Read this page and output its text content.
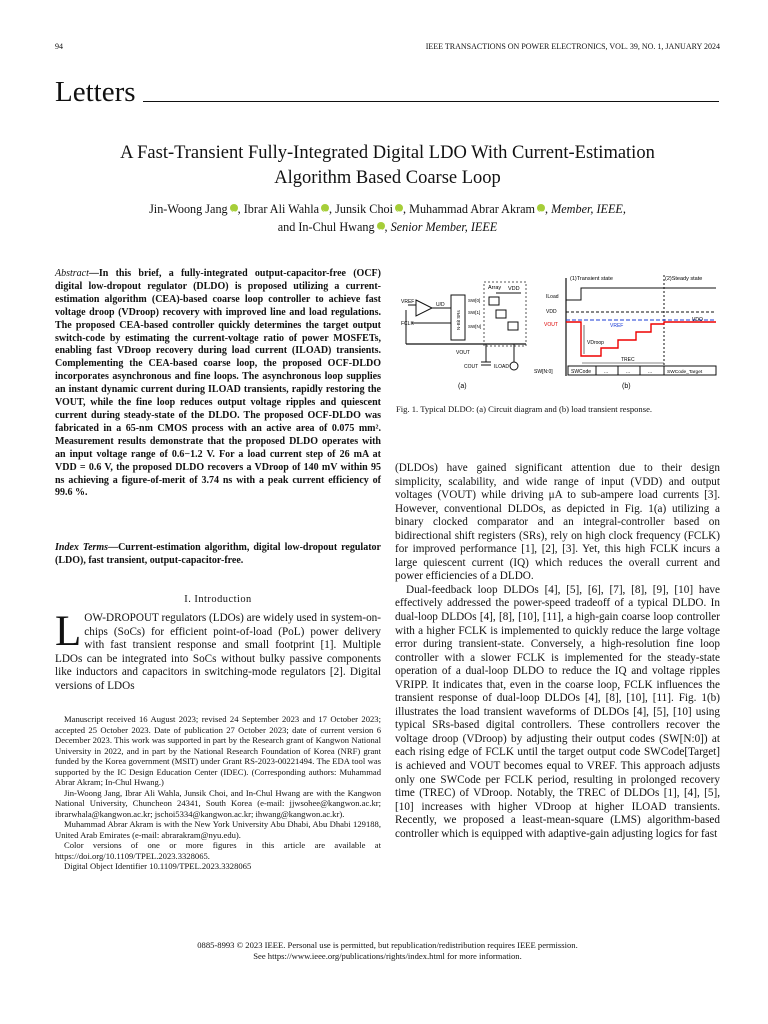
94	IEEE TRANSACTIONS ON POWER ELECTRONICS, VOL. 39, NO. 1, JANUARY 2024
Letters
A Fast-Transient Fully-Integrated Digital LDO With Current-Estimation
Algorithm Based Coarse Loop
Jin-Woong Jang iD , Ibrar Ali Wahla iD , Junsik Choi iD , Muhammad Abrar Akram iD , Member, IEEE,
and In-Chul Hwang iD , Senior Member, IEEE
Abstract—In this brief, a fully-integrated output-capacitor-free (OCF) digital low-dropout regulator (DLDO) is proposed utilizing a current-estimation algorithm (CEA)-based coarse loop controller to achieve fast voltage droop (VDroop) recovery with improved line and load regulations. The proposed CEA-based controller quickly determines the target output switch-code by estimating the current-voltage ratio of power MOSFETs, enabling fast VDroop recovery during load current (ILOAD) transients. Complementing the CEA-based coarse loop, the proposed OCF-DLDO incorporates asynchronous and fine loops. The asynchronous loop supplies an instant dynamic current during ILOAD transients, rapidly restoring the VOUT, while the fine loop reduces output voltage ripples and quiescent current during steady-state of the DLDO. The proposed OCF-DLDO was fabricated in a 65-nm CMOS process with an active area of 0.075 mm². Measurement results demonstrate that the proposed DLDO operates with an input voltage range of 0.6−1.2 V. For a load current step of 26 mA at VDD = 0.6 V, the proposed DLDO recovers a VDroop of 140 mV within 95 ns achieving a figure-of-merit of 3.74 ns with a peak current efficiency of 99.6 %.
Index Terms—Current-estimation algorithm, digital low-dropout regulator (LDO), fast transient, output-capacitor-free.
I. Introduction
LOW-DROPOUT regulators (LDOs) are widely used in system-on-chips (SoCs) for efficient point-of-load (PoL) power delivery with fast transient response and small footprint [1]. Multiple LDOs can be integrated into SoCs without bulky passive components like inductors and capacitors in switching-mode regulators [2]. Digital versions of LDOs

Manuscript received 16 August 2023; revised 24 September 2023 and 17 October 2023; accepted 25 October 2023. Date of publication 27 October 2023; date of current version 6 December 2023. This work was supported in part by the Research grant of Kangwon National University in 2022, and in part by the National Research Foundation of Korea (NRF) grant funded by the Korea government (MSIT) under Grant RS-2023-00221494. The EDA tool was supported by the IC Design Education Center (IDEC). (Corresponding authors: Muhammad Abrar Akram; In-Chul Hwang.)

Jin-Woong Jang, Ibrar Ali Wahla, Junsik Choi, and In-Chul Hwang are with the Kangwon National University, Chuncheon 24341, South Korea (e-mail: jjwsohee@kangwon.ac.kr; ibrarwhala@kangwon.ac.kr; jschoi5334@kangwon.ac.kr; ihwang@kangwon.ac.kr).

Muhammad Abrar Akram is with the New York University Abu Dhabi, Abu Dhabi 129188, United Arab Emirates (e-mail: abrarakram@nyu.edu).

Color versions of one or more figures in this article are available at https://doi.org/10.1109/TPEL.2023.3328065.

Digital Object Identifier 10.1109/TPEL.2023.3328065

Array VDD
VREF	U/D
FCLK	N-Bit SRs
SW[0]
SW[1]
SW[N]
VOUT
COUT	ILOAD
(a)
(1)Transient state	(2)Steady state
ILoad
VDD
VOUT	VREF
VDroop
TREC
VDO
SW[N:0]	SWCode	...	...	...	SWCode_Target
(b)
Fig. 1. Typical DLDO: (a) Circuit diagram and (b) load transient response.

(DLDOs) have gained significant attention due to their design simplicity, scalability, and wide range of input (VDD) and output voltages (VOUT) while driving μA to sub-ampere load currents [3]. However, conventional DLDOs, as depicted in Fig. 1(a) utilizing a binary clocked comparator and an integral-controller based on bidirectional shift registers (SRs), rely on high clock frequency (FCLK) for improved performance [1], [2], [3]. Yet, this high FCLK incurs a large quiescent current (IQ) which reduces the overall current and power efficiencies of a DLDO.

Dual-feedback loop DLDOs [4], [5], [6], [7], [8], [9], [10] have effectively addressed the power-speed tradeoff of a typical DLDO. In dual-loop DLDOs [4], [8], [10], [11], a high-gain coarse loop controller with a higher FCLK is implemented to quickly reduce the large voltage error during transient-state. Conversely, a high-resolution fine loop controller with a slower FCLK is implemented for the steady-state operation of a dual-loop DLDO to reduce the IQ and voltage ripples VRIPP. It indicates that, even in the coarse loop, FCLK influences the transient response of dual-loop DLDOs [4], [8], [10], [11]. Fig. 1(b) illustrates the load transient waveforms of DLDOs [4], [5], [10] using typical SRs-based digital controllers. These controllers recover the voltage droop (VDroop) by adjusting their output codes (SW[N:0]) at each rising edge of FCLK until the target output code SWCode[Target] is achieved and VOUT becomes equal to VREF. This approach adjusts only one SWCode per FCLK period, resulting in prolonged recovery time (TREC) of VDroop. Notably, the TREC of DLDOs [1], [4], [5], [10] increases with higher VDroop at higher ILOAD transients. Recently, we proposed a least-mean-square (LMS) algorithm-based controller which is equipped with adaptive-gain adjusting logics for fast

0885-8993 © 2023 IEEE. Personal use is permitted, but republication/redistribution requires IEEE permission.
See https://www.ieee.org/publications/rights/index.html for more information.
